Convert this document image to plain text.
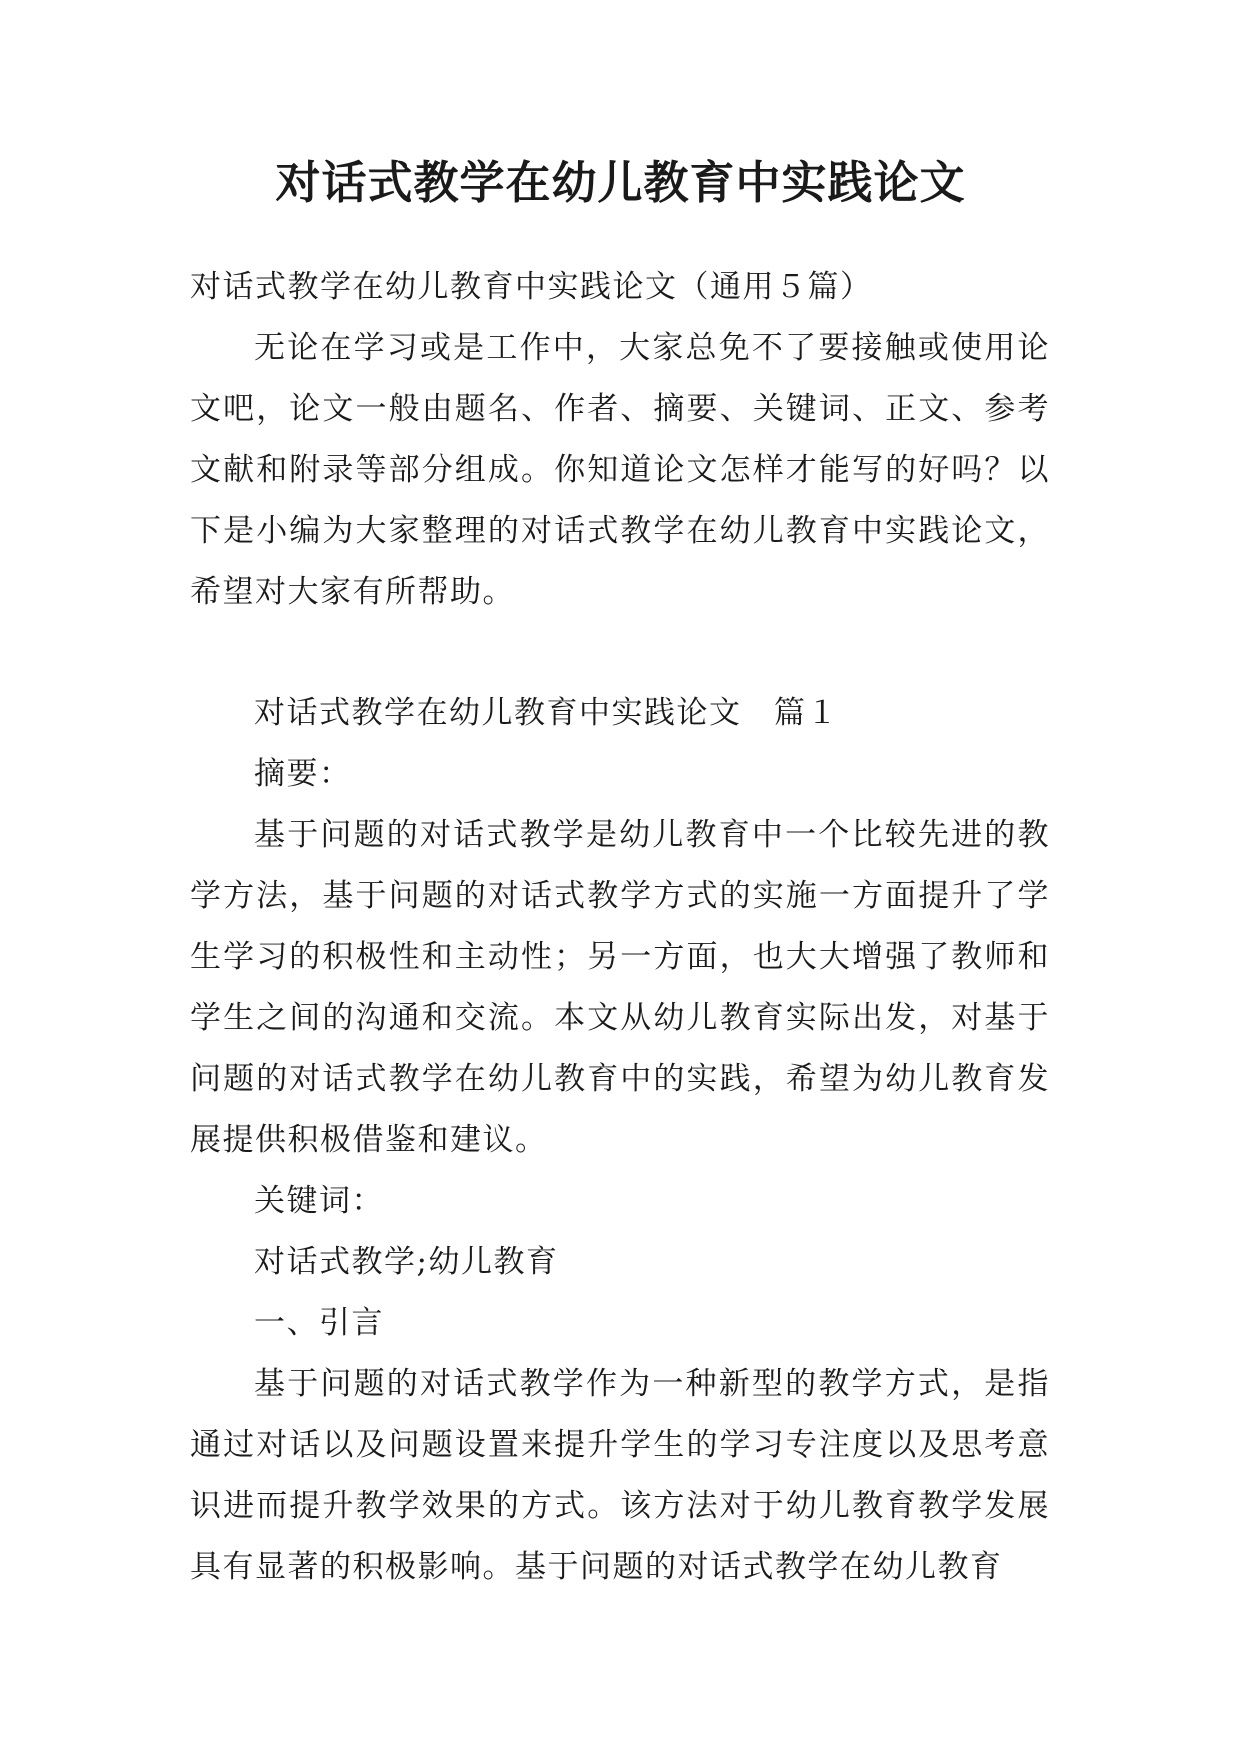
对话式教学在幼儿教育中实践论文

对话式教学在幼儿教育中实践论文（通用５篇）

无论在学习或是工作中，大家总免不了要接触或使用论文吧，论文一般由题名、作者、摘要、关键词、正文、参考文献和附录等部分组成。你知道论文怎样才能写的好吗？以下是小编为大家整理的对话式教学在幼儿教育中实践论文，希望对大家有所帮助。

对话式教学在幼儿教育中实践论文　篇１

摘要：

基于问题的对话式教学是幼儿教育中一个比较先进的教学方法，基于问题的对话式教学方式的实施一方面提升了学生学习的积极性和主动性；另一方面，也大大增强了教师和学生之间的沟通和交流。本文从幼儿教育实际出发，对基于问题的对话式教学在幼儿教育中的实践，希望为幼儿教育发展提供积极借鉴和建议。

关键词：

对话式教学;幼儿教育

一、引言

基于问题的对话式教学作为一种新型的教学方式，是指通过对话以及问题设置来提升学生的学习专注度以及思考意识进而提升教学效果的方式。该方法对于幼儿教育教学发展具有显著的积极影响。基于问题的对话式教学在幼儿教育
